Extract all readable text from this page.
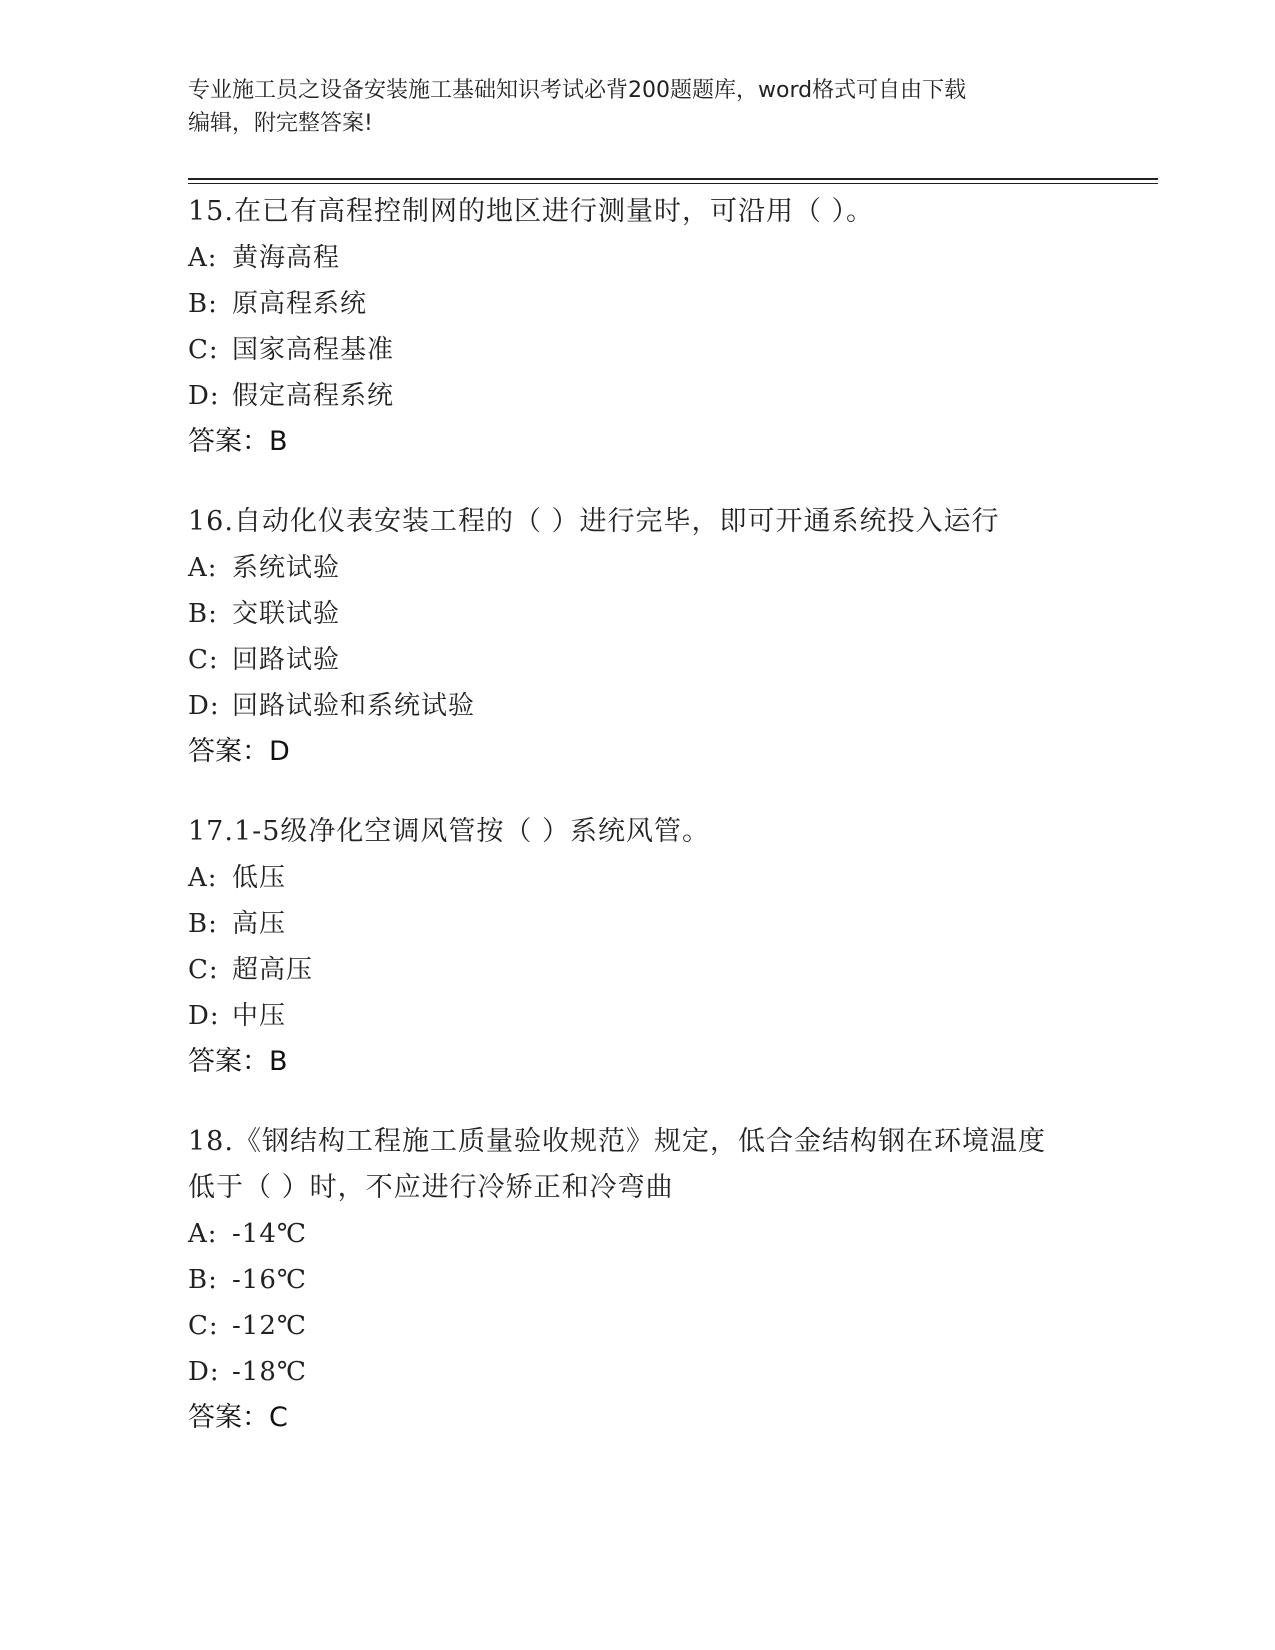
专业施工员之设备安装施工基础知识考试必背200题题库，word格式可自由下载
编辑，附完整答案!
15.在已有高程控制网的地区进行测量时，可沿用（ ）。
A: 黄海高程
B: 原高程系统
C: 国家高程基准
D: 假定高程系统
答案：B
16.自动化仪表安装工程的（ ）进行完毕，即可开通系统投入运行
A: 系统试验
B: 交联试验
C: 回路试验
D: 回路试验和系统试验
答案：D
17.1-5级净化空调风管按（ ）系统风管。
A: 低压
B: 高压
C: 超高压
D: 中压
答案：B
18.《钢结构工程施工质量验收规范》规定，低合金结构钢在环境温度
低于（ ）时，不应进行冷矫正和冷弯曲
A: -14℃
B: -16℃
C: -12℃
D: -18℃
答案：C
